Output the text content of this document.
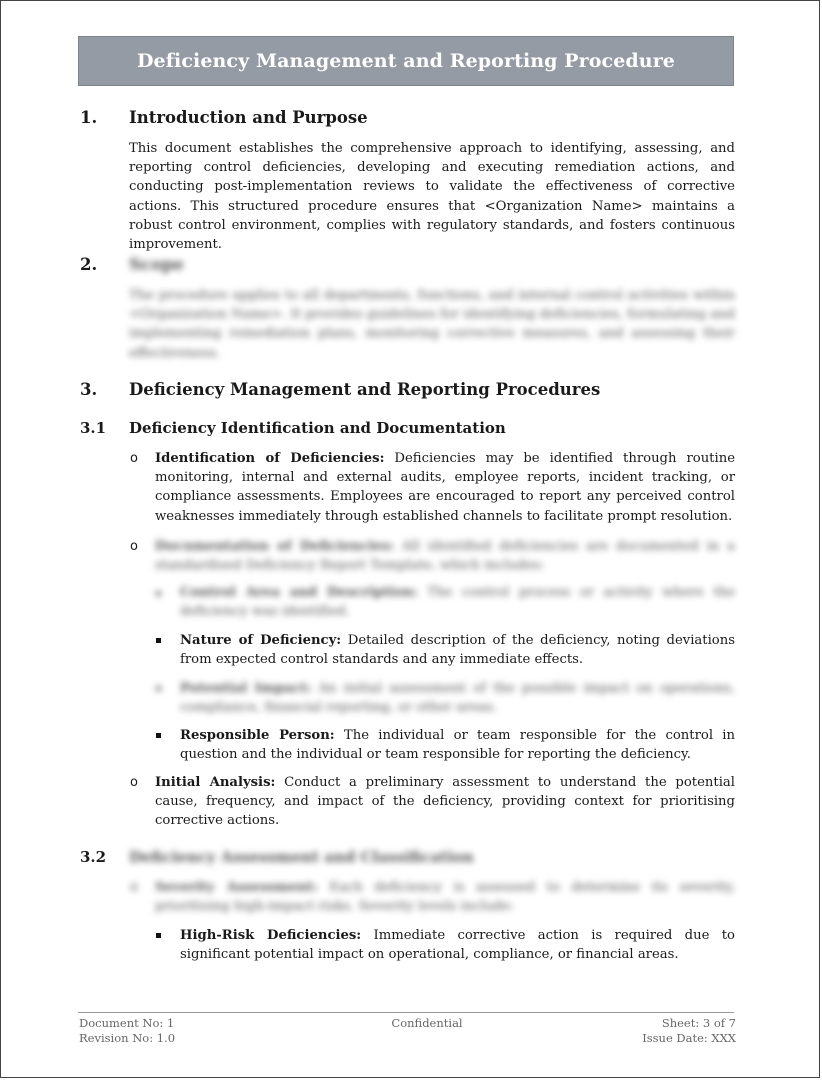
Deficiency Management and Reporting Procedure
1. Introduction and Purpose
This document establishes the comprehensive approach to identifying, assessing, and reporting control deficiencies, developing and executing remediation actions, and conducting post-implementation reviews to validate the effectiveness of corrective actions. This structured procedure ensures that <Organization Name> maintains a robust control environment, complies with regulatory standards, and fosters continuous improvement.
2. Scope
The procedure applies to all departments, functions, and internal control activities within <Organization Name>. It provides guidelines for identifying deficiencies, formulating and implementing remediation plans, monitoring corrective measures, and assessing their effectiveness.
3. Deficiency Management and Reporting Procedures
3.1 Deficiency Identification and Documentation
o Identification of Deficiencies: Deficiencies may be identified through routine monitoring, internal and external audits, employee reports, incident tracking, or compliance assessments. Employees are encouraged to report any perceived control weaknesses immediately through established channels to facilitate prompt resolution.
o Documentation of Deficiencies: All identified deficiencies are documented in a standardised Deficiency Report Template, which includes:
Control Area and Description: The control process or activity where the deficiency was identified.
Nature of Deficiency: Detailed description of the deficiency, noting deviations from expected control standards and any immediate effects.
Potential Impact: An initial assessment of the possible impact on operations, compliance, financial reporting, or other areas.
Responsible Person: The individual or team responsible for the control in question and the individual or team responsible for reporting the deficiency.
o Initial Analysis: Conduct a preliminary assessment to understand the potential cause, frequency, and impact of the deficiency, providing context for prioritising corrective actions.
3.2 Deficiency Assessment and Classification
o Severity Assessment: Each deficiency is assessed to determine its severity, prioritising high-impact risks. Severity levels include:
High-Risk Deficiencies: Immediate corrective action is required due to significant potential impact on operational, compliance, or financial areas.
Document No: 1
Revision No: 1.0
Confidential	Sheet: 3 of 7
Issue Date: XXX
